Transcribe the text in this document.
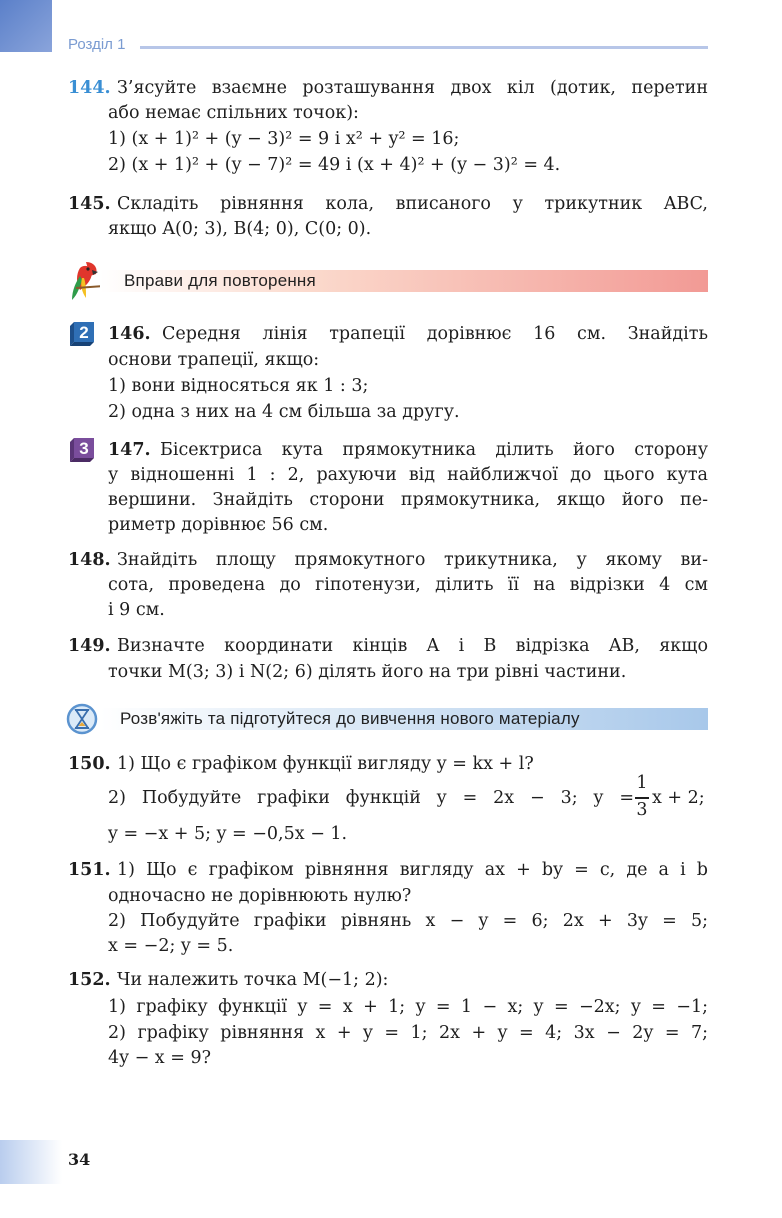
Розділ 1
144. З’ясуйте взаємне розташування двох кіл (дотик, перетин
або немає спільних точок):
1) (x + 1)² + (y − 3)² = 9 і x² + y² = 16;
2) (x + 1)² + (y − 7)² = 49 і (x + 4)² + (y − 3)² = 4.
145. Складіть рівняння кола, вписаного у трикутник ABC,
якщо A(0; 3), B(4; 0), C(0; 0).
Вправи для повторення
2 146. Середня лінія трапеції дорівнює 16 см. Знайдіть
основи трапеції, якщо:
1) вони відносяться як 1 : 3;
2) одна з них на 4 см більша за другу.
3 147. Бісектриса кута прямокутника ділить його сторону
у відношенні 1 : 2, рахуючи від найближчої до цього кута
вершини. Знайдіть сторони прямокутника, якщо його пе-
риметр дорівнює 56 см.
148. Знайдіть площу прямокутного трикутника, у якому ви-
сота, проведена до гіпотенузи, ділить її на відрізки 4 см
і 9 см.
149. Визначте координати кінців A і B відрізка AB, якщо
точки M(3; 3) і N(2; 6) ділять його на три рівні частини.
Розв'яжіть та підготуйтеся до вивчення нового матеріалу
150. 1) Що є графіком функції вигляду y = kx + l?
2) Побудуйте графіки функцій y = 2x − 3; y =
1
3
x + 2;
y = −x + 5; y = −0,5x − 1.
151. 1) Що є графіком рівняння вигляду ax + by = c, де a і b
одночасно не дорівнюють нулю?
2) Побудуйте графіки рівнянь x − y = 6; 2x + 3y = 5;
x = −2; y = 5.
152. Чи належить точка M(−1; 2):
1) графіку функції y = x + 1; y = 1 − x; y = −2x; y = −1;
2) графіку рівняння x + y = 1; 2x + y = 4; 3x − 2y = 7;
4y − x = 9?
34
